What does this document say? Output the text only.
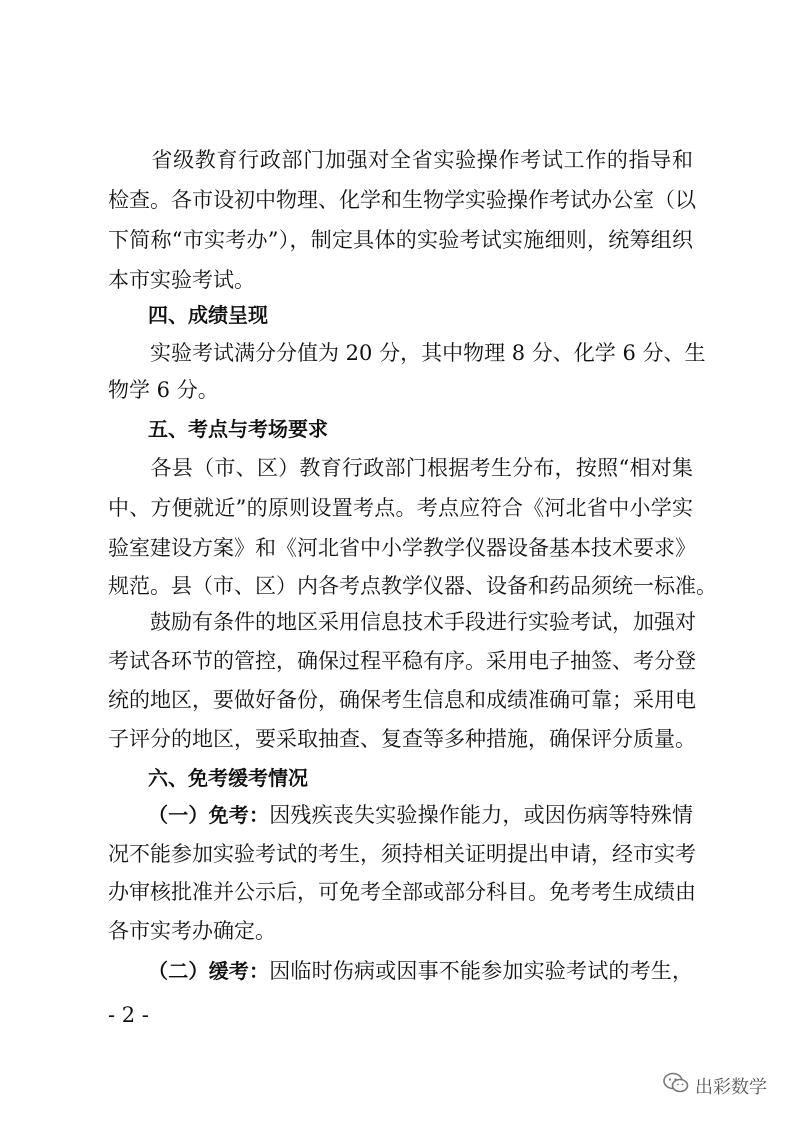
　　省级教育行政部门加强对全省实验操作考试工作的指导和
检查。各市设初中物理、化学和生物学实验操作考试办公室（以
下简称“市实考办”），制定具体的实验考试实施细则，统筹组织
本市实验考试。
四、成绩呈现
　　实验考试满分分值为 20 分，其中物理 8 分、化学 6 分、生
物学 6 分。
五、考点与考场要求
　　各县（市、区）教育行政部门根据考生分布，按照“相对集
中、方便就近”的原则设置考点。考点应符合《河北省中小学实
验室建设方案》和《河北省中小学教学仪器设备基本技术要求》
规范。县（市、区）内各考点教学仪器、设备和药品须统一标准。
　　鼓励有条件的地区采用信息技术手段进行实验考试，加强对
考试各环节的管控，确保过程平稳有序。采用电子抽签、考分登
统的地区，要做好备份，确保考生信息和成绩准确可靠；采用电
子评分的地区，要采取抽查、复查等多种措施，确保评分质量。
六、免考缓考情况
（一）免考：因残疾丧失实验操作能力，或因伤病等特殊情
况不能参加实验考试的考生，须持相关证明提出申请，经市实考
办审核批准并公示后，可免考全部或部分科目。免考考生成绩由
各市实考办确定。
（二）缓考：因临时伤病或因事不能参加实验考试的考生，
- 2 -
出彩数学
